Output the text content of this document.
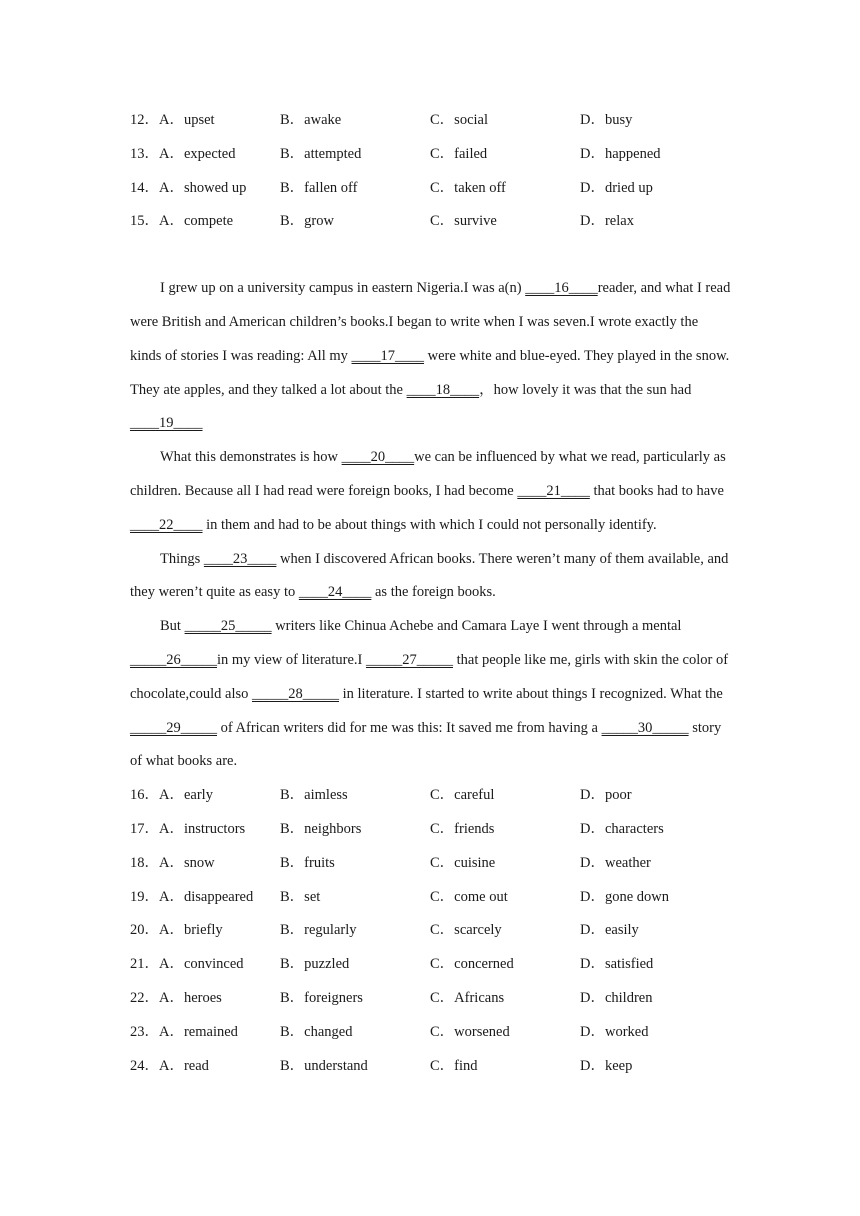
12． A．upset	B．awake	C．social	D．busy
13． A．expected	B．attempted	C．failed	D．happened
14． A．showed up B．fallen off	C．taken off	D．dried up
15． A．compete	B．grow	C．survive	D．relax

I grew up on a university campus in eastern Nigeria.I was a(n) ____16____reader, and what I read were British and American children’s books.I began to write when I was seven.I wrote exactly the kinds of stories I was reading: All my ____17____ were white and blue-eyed. They played in the snow. They ate apples, and they talked a lot about the ____18____，how lovely it was that the sun had ____19____

What this demonstrates is how ____20____we can be influenced by what we read, particularly as children. Because all I had read were foreign books, I had become ____21____ that books had to have ____22____ in them and had to be about things with which I could not personally identify.

Things ____23____ when I discovered African books. There weren’t many of them available, and they weren’t quite as easy to ____24____ as the foreign books.

But _____25_____ writers like Chinua Achebe and Camara Laye I went through a mental _____26_____in my view of literature.I _____27_____ that people like me, girls with skin the color of chocolate,could also _____28_____ in literature. I started to write about things I recognized. What the _____29_____ of African writers did for me was this: It saved me from having a _____30_____ story of what books are.

16． A．early	B．aimless	C．careful	D．poor
17． A．instructors B．neighbors	C．friends	D．characters
18． A．snow	B．fruits	C．cuisine	D．weather
19． A．disappeared B．set	C．come out	D．gone down
20． A．briefly	B．regularly	C．scarcely	D．easily
21． A．convinced	B．puzzled	C．concerned	D．satisfied
22． A．heroes	B．foreigners	C．Africans	D．children
23． A．remained	B．changed	C．worsened	D．worked
24． A．read	B．understand	C．find	D．keep
